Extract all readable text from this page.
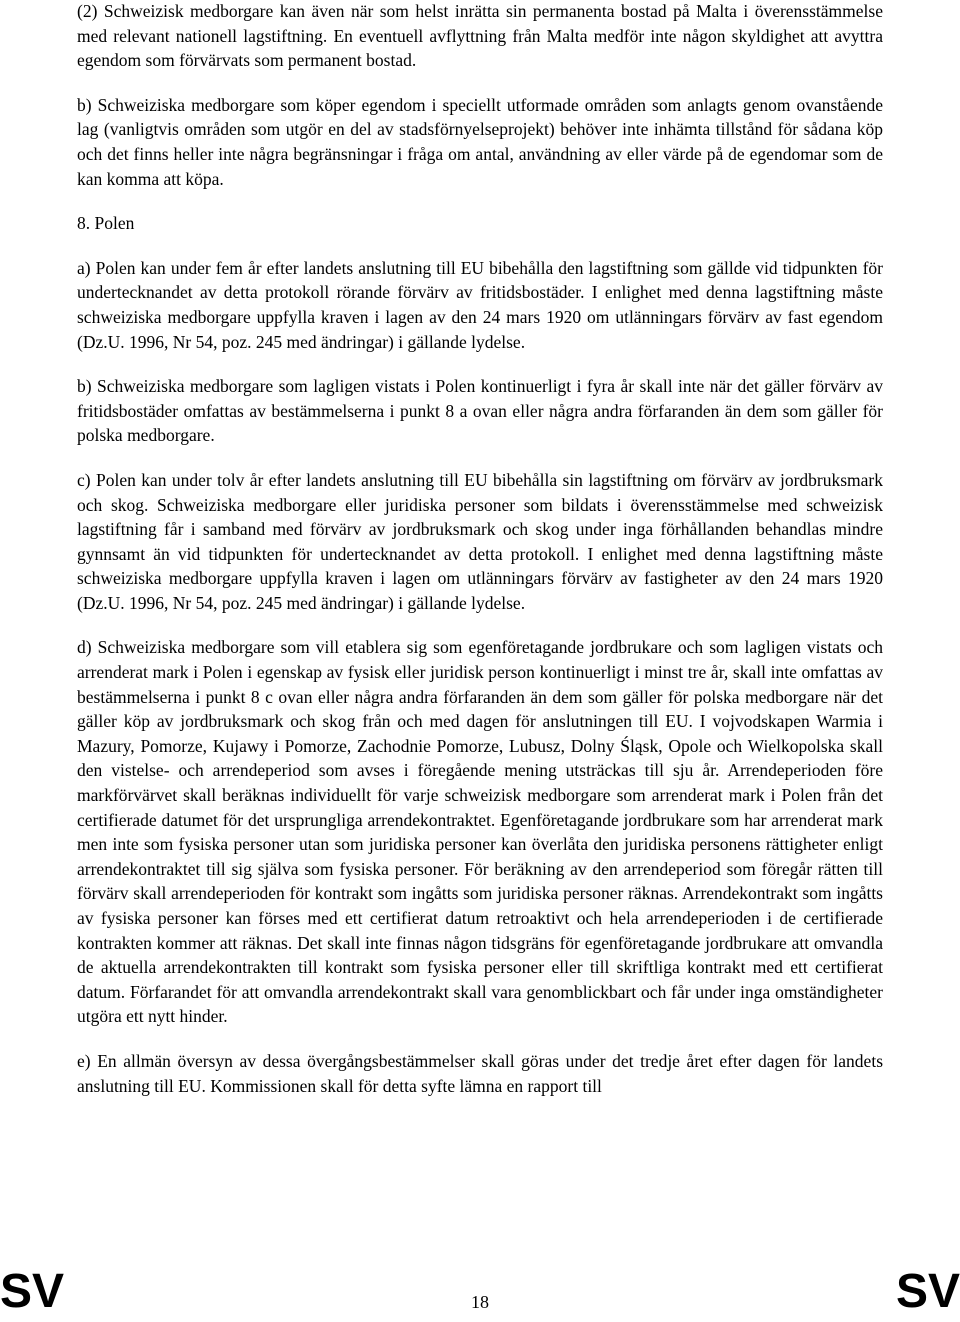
(2) Schweizisk medborgare kan även när som helst inrätta sin permanenta bostad på Malta i överensstämmelse med relevant nationell lagstiftning. En eventuell avflyttning från Malta medför inte någon skyldighet att avyttra egendom som förvärvats som permanent bostad.

b) Schweiziska medborgare som köper egendom i speciellt utformade områden som anlagts genom ovanstående lag (vanligtvis områden som utgör en del av stadsförnyelseprojekt) behöver inte inhämta tillstånd för sådana köp och det finns heller inte några begränsningar i fråga om antal, användning av eller värde på de egendomar som de kan komma att köpa.

8. Polen

a) Polen kan under fem år efter landets anslutning till EU bibehålla den lagstiftning som gällde vid tidpunkten för undertecknandet av detta protokoll rörande förvärv av fritidsbostäder. I enlighet med denna lagstiftning måste schweiziska medborgare uppfylla kraven i lagen av den 24 mars 1920 om utlänningars förvärv av fast egendom (Dz.U. 1996, Nr 54, poz. 245 med ändringar) i gällande lydelse.

b) Schweiziska medborgare som lagligen vistats i Polen kontinuerligt i fyra år skall inte när det gäller förvärv av fritidsbostäder omfattas av bestämmelserna i punkt 8 a ovan eller några andra förfaranden än dem som gäller för polska medborgare.

c) Polen kan under tolv år efter landets anslutning till EU bibehålla sin lagstiftning om förvärv av jordbruksmark och skog. Schweiziska medborgare eller juridiska personer som bildats i överensstämmelse med schweizisk lagstiftning får i samband med förvärv av jordbruksmark och skog under inga förhållanden behandlas mindre gynnsamt än vid tidpunkten för undertecknandet av detta protokoll. I enlighet med denna lagstiftning måste schweiziska medborgare uppfylla kraven i lagen om utlänningars förvärv av fastigheter av den 24 mars 1920 (Dz.U. 1996, Nr 54, poz. 245 med ändringar) i gällande lydelse.

d) Schweiziska medborgare som vill etablera sig som egenföretagande jordbrukare och som lagligen vistats och arrenderat mark i Polen i egenskap av fysisk eller juridisk person kontinuerligt i minst tre år, skall inte omfattas av bestämmelserna i punkt 8 c ovan eller några andra förfaranden än dem som gäller för polska medborgare när det gäller köp av jordbruksmark och skog från och med dagen för anslutningen till EU. I vojvodskapen Warmia i Mazury, Pomorze, Kujawy i Pomorze, Zachodnie Pomorze, Lubusz, Dolny Śląsk, Opole och Wielkopolska skall den vistelse- och arrendeperiod som avses i föregående mening utsträckas till sju år. Arrendeperioden före markförvärvet skall beräknas individuellt för varje schweizisk medborgare som arrenderat mark i Polen från det certifierade datumet för det ursprungliga arrendekontraktet. Egenföretagande jordbrukare som har arrenderat mark men inte som fysiska personer utan som juridiska personer kan överlåta den juridiska personens rättigheter enligt arrendekontraktet till sig själva som fysiska personer. För beräkning av den arrendeperiod som föregår rätten till förvärv skall arrendeperioden för kontrakt som ingåtts som juridiska personer räknas. Arrendekontrakt som ingåtts av fysiska personer kan förses med ett certifierat datum retroaktivt och hela arrendeperioden i de certifierade kontrakten kommer att räknas. Det skall inte finnas någon tidsgräns för egenföretagande jordbrukare att omvandla de aktuella arrendekontrakten till kontrakt som fysiska personer eller till skriftliga kontrakt med ett certifierat datum. Förfarandet för att omvandla arrendekontrakt skall vara genomblickbart och får under inga omständigheter utgöra ett nytt hinder.

e) En allmän översyn av dessa övergångsbestämmelser skall göras under det tredje året efter dagen för landets anslutning till EU. Kommissionen skall för detta syfte lämna en rapport till

SV	18	SV
